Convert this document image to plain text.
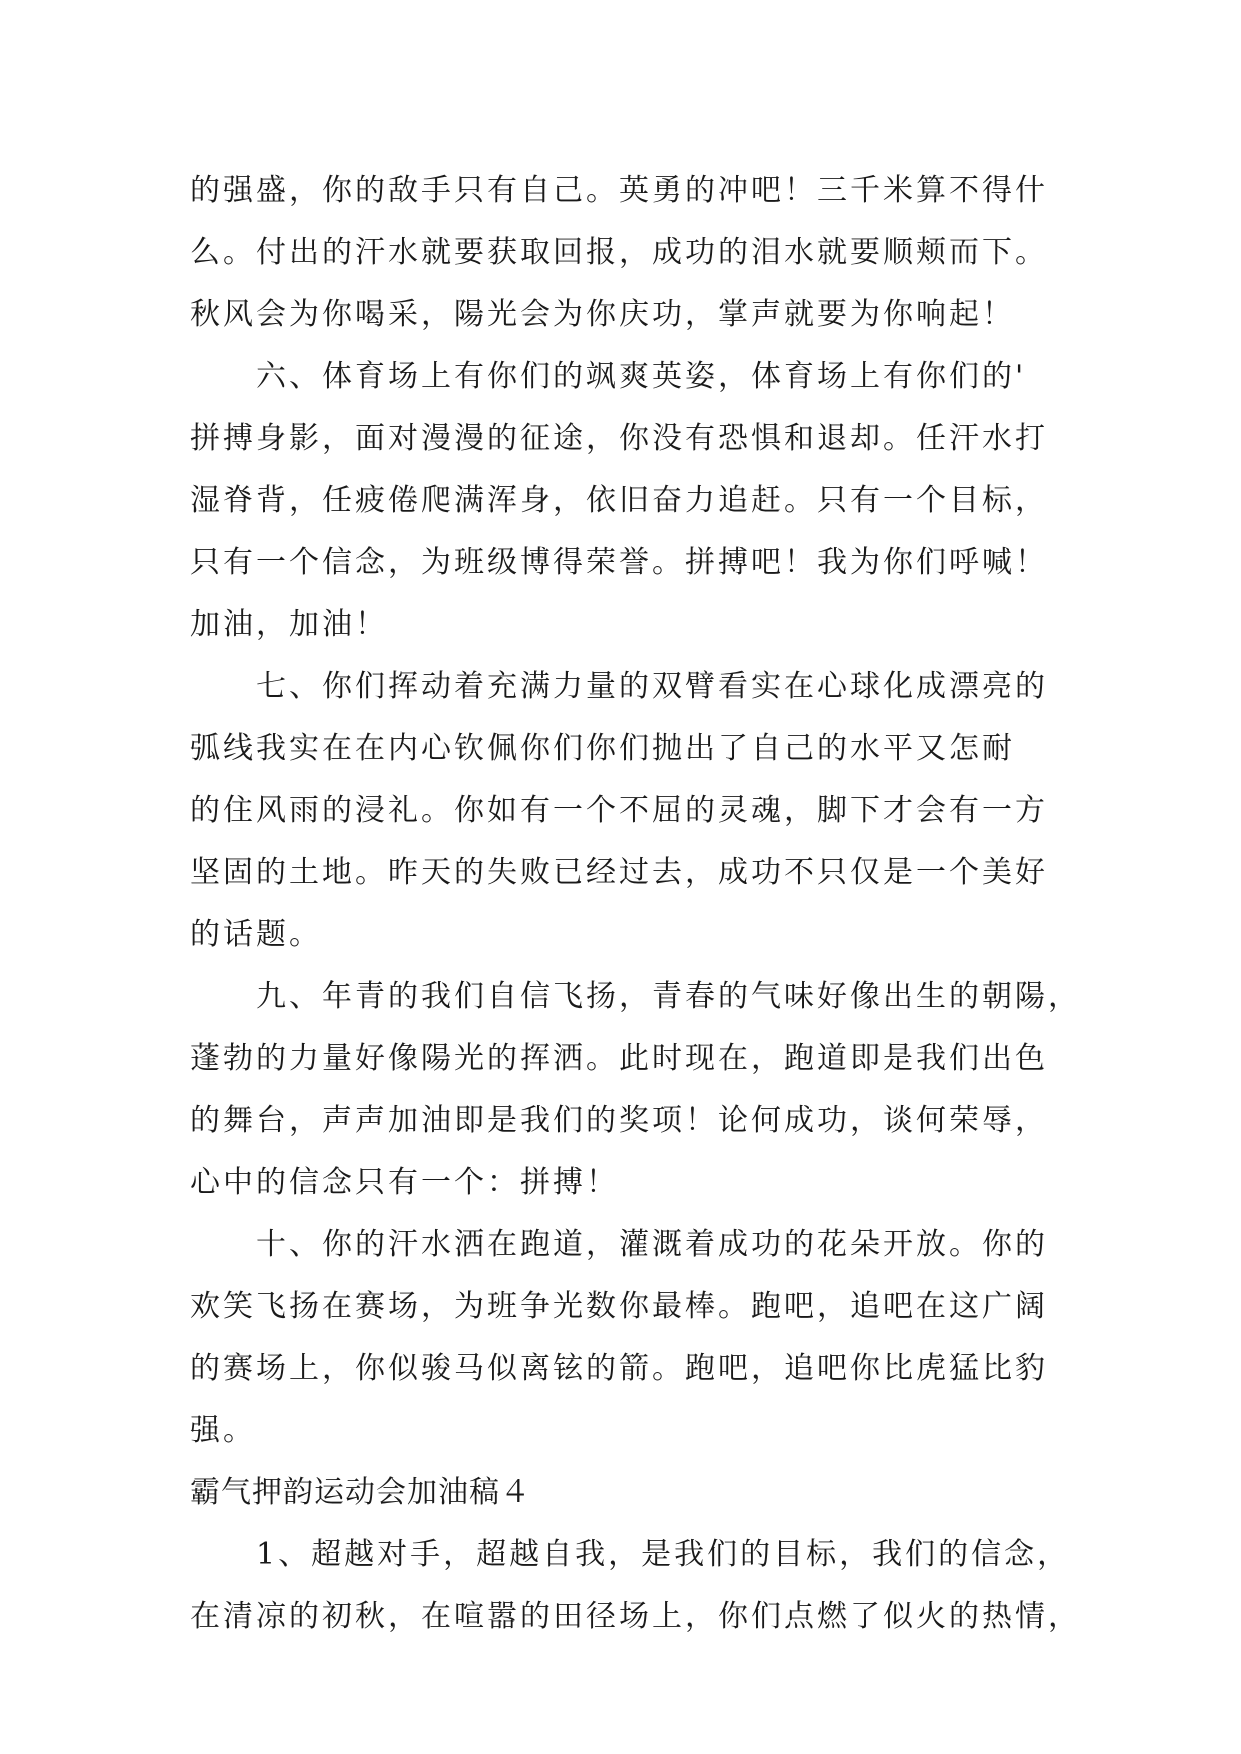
的强盛，你的敌手只有自己。英勇的冲吧！三千米算不得什
么。付出的汗水就要获取回报，成功的泪水就要顺颊而下。
秋风会为你喝采，陽光会为你庆功，掌声就要为你响起！
六、体育场上有你们的飒爽英姿，体育场上有你们的'
拼搏身影，面对漫漫的征途，你没有恐惧和退却。任汗水打
湿脊背，任疲倦爬满浑身，依旧奋力追赶。只有一个目标，
只有一个信念，为班级博得荣誉。拼搏吧！我为你们呼喊！
加油，加油！
七、你们挥动着充满力量的双臂看实在心球化成漂亮的
弧线我实在在内心钦佩你们你们抛出了自己的水平又怎耐
的住风雨的浸礼。你如有一个不屈的灵魂，脚下才会有一方
坚固的土地。昨天的失败已经过去，成功不只仅是一个美好
的话题。
九、年青的我们自信飞扬，青春的气味好像出生的朝陽，
蓬勃的力量好像陽光的挥洒。此时现在，跑道即是我们出色
的舞台，声声加油即是我们的奖项！论何成功，谈何荣辱，
心中的信念只有一个：拼搏！
十、你的汗水洒在跑道，灌溉着成功的花朵开放。你的
欢笑飞扬在赛场，为班争光数你最棒。跑吧，追吧在这广阔
的赛场上，你似骏马似离铉的箭。跑吧，追吧你比虎猛比豹
强。
霸气押韵运动会加油稿４
1、超越对手，超越自我，是我们的目标，我们的信念，
在清凉的初秋，在喧嚣的田径场上，你们点燃了似火的热情，
